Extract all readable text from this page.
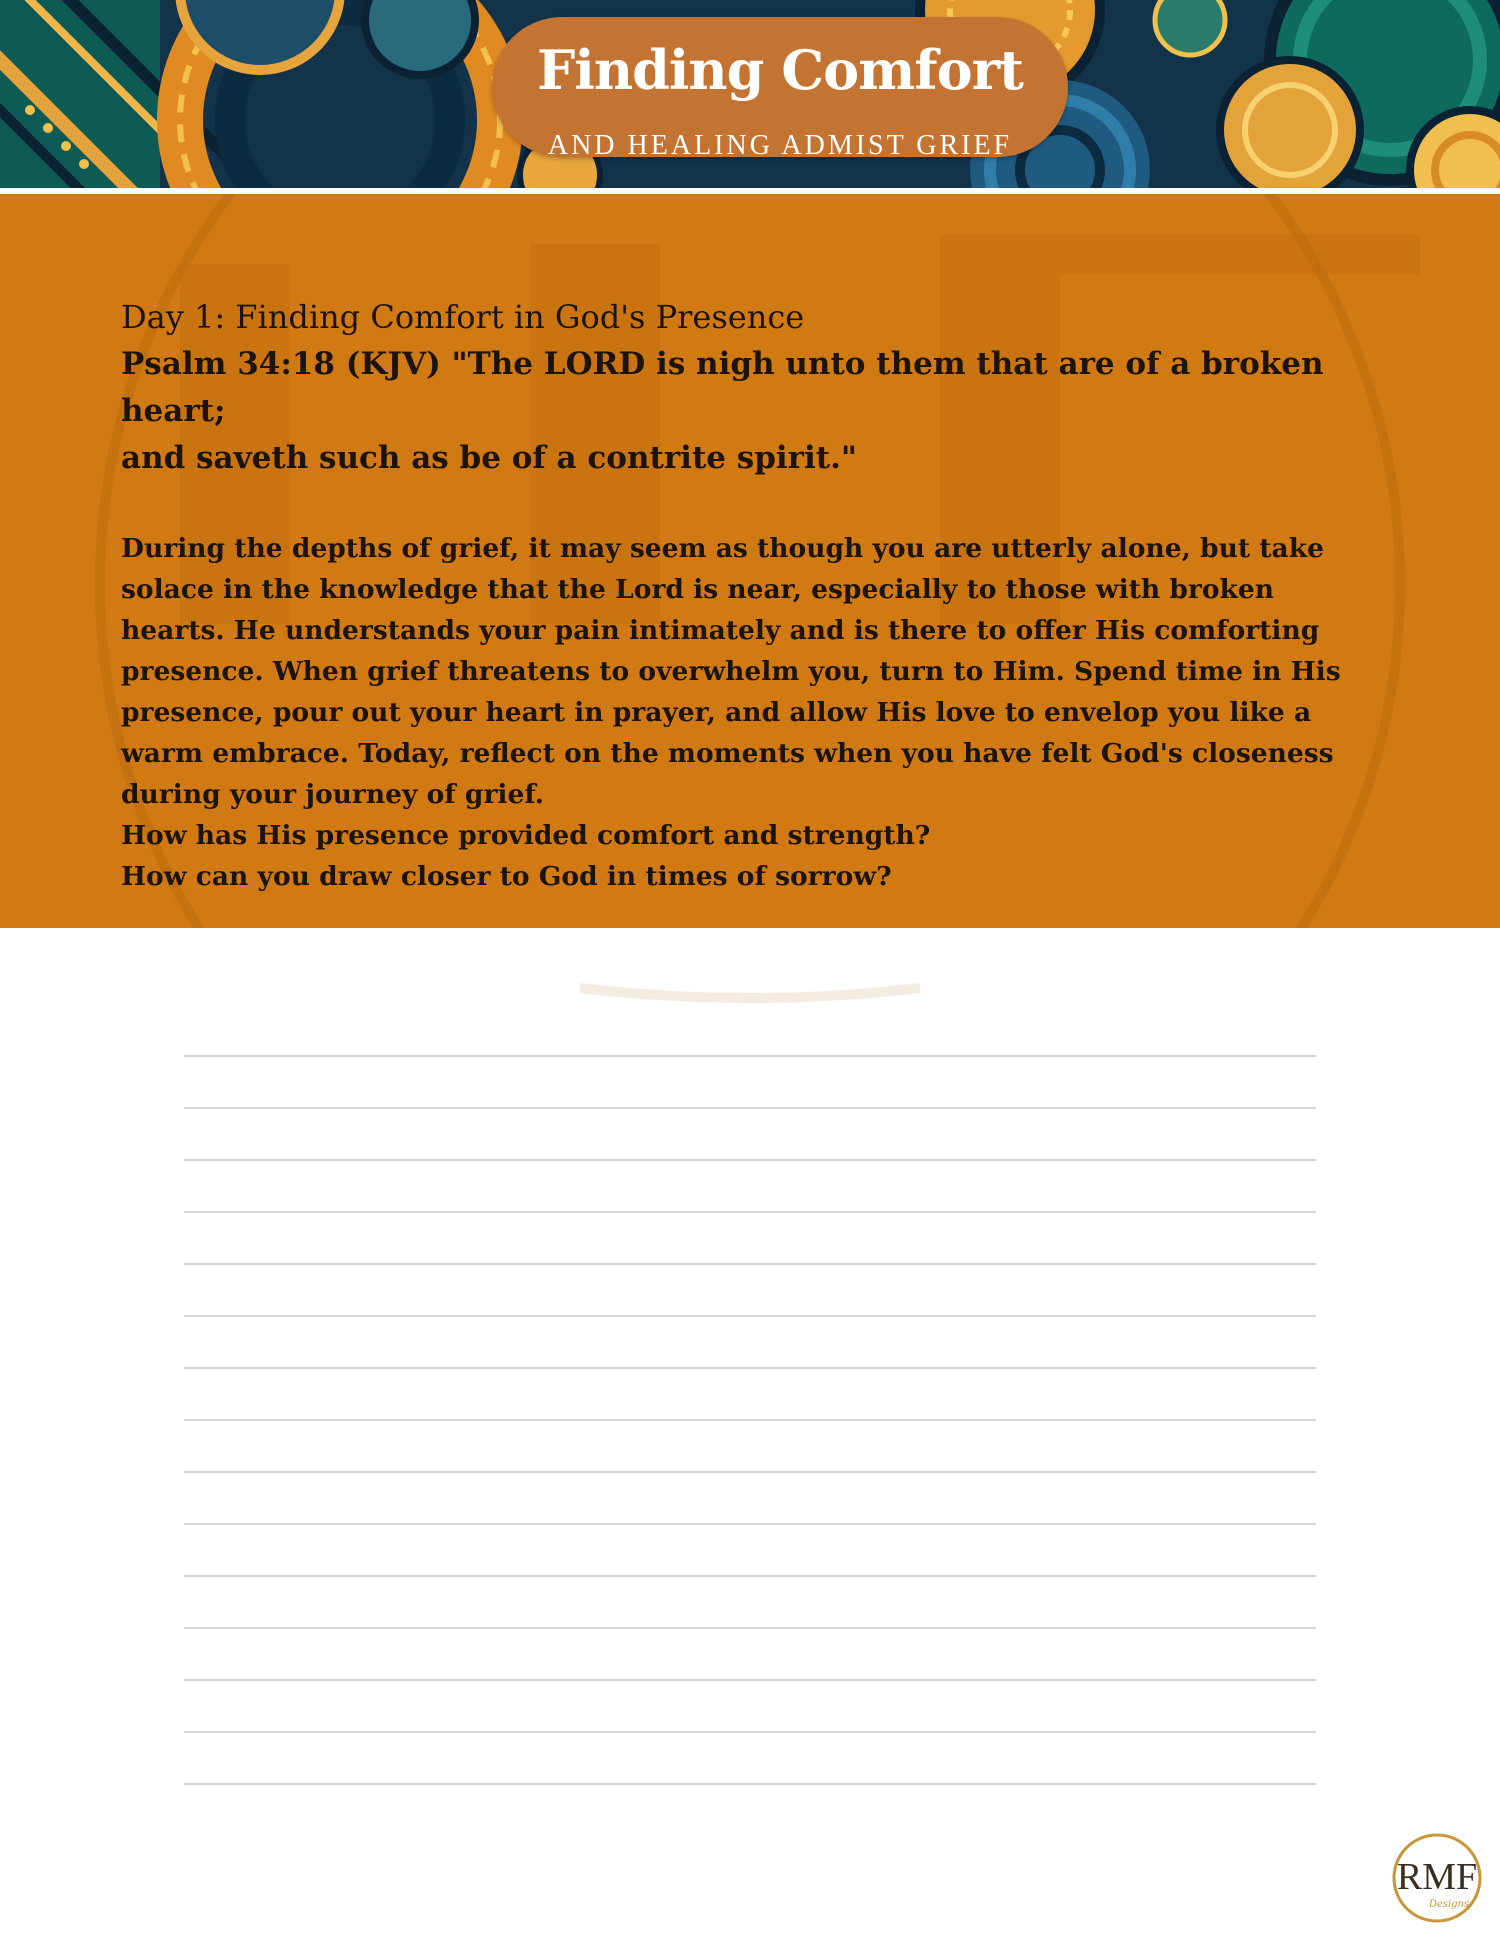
Finding Comfort
AND HEALING ADMIST GRIEF

Day 1: Finding Comfort in God's Presence

Psalm 34:18 (KJV) "The LORD is nigh unto them that are of a broken heart;

and saveth such as be of a contrite spirit."

During the depths of grief, it may seem as though you are utterly alone, but take solace in the knowledge that the Lord is near, especially to those with broken hearts. He understands your pain intimately and is there to offer His comforting presence. When grief threatens to overwhelm you, turn to Him. Spend time in His presence, pour out your heart in prayer, and allow His love to envelop you like a warm embrace. Today, reflect on the moments when you have felt God's closeness during your journey of grief.

How has His presence provided comfort and strength?

How can you draw closer to God in times of sorrow?

RMF
Designs
